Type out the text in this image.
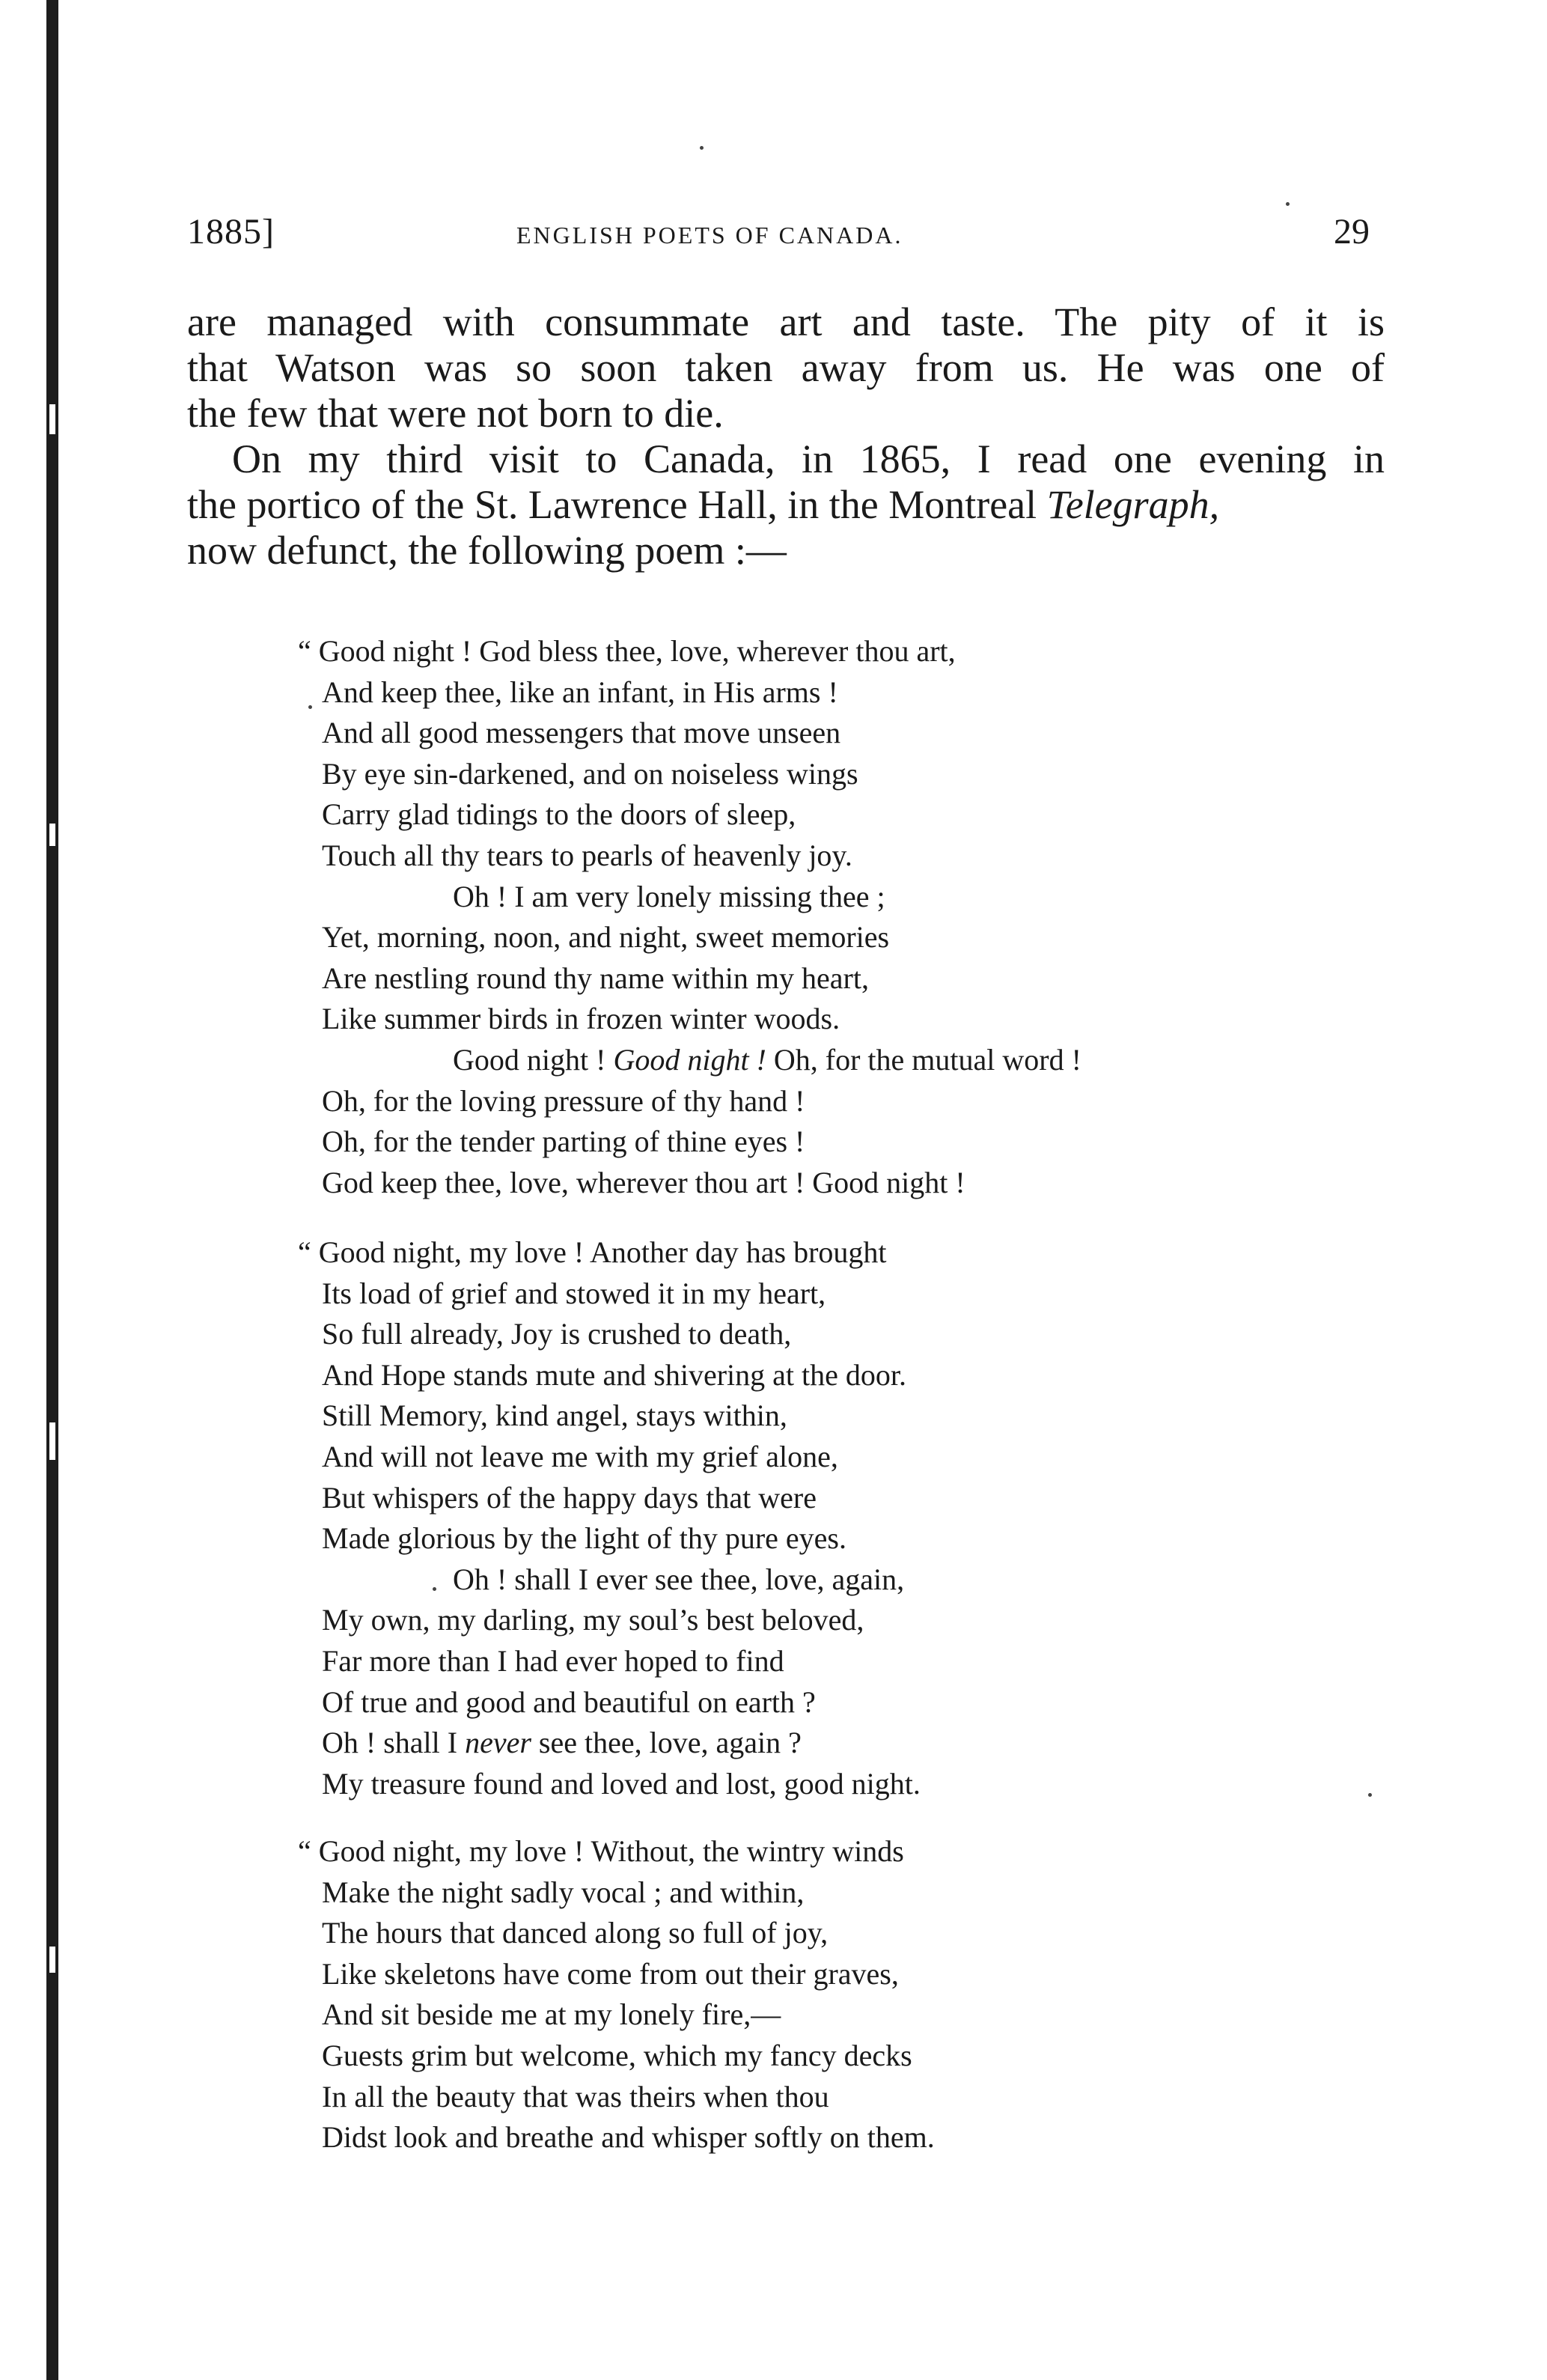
1885]	ENGLISH POETS OF CANADA.	29
are managed with consummate art and taste. The pity of it is
that Watson was so soon taken away from us. He was one of
the few that were not born to die.
On my third visit to Canada, in 1865, I read one evening in
the portico of the St. Lawrence Hall, in the Montreal Telegraph,
now defunct, the following poem :—
“ Good night ! God bless thee, love, wherever thou art,
And keep thee, like an infant, in His arms !
And all good messengers that move unseen
By eye sin-darkened, and on noiseless wings
Carry glad tidings to the doors of sleep,
Touch all thy tears to pearls of heavenly joy.
Oh ! I am very lonely missing thee ;
Yet, morning, noon, and night, sweet memories
Are nestling round thy name within my heart,
Like summer birds in frozen winter woods.
Good night ! Good night ! Oh, for the mutual word !
Oh, for the loving pressure of thy hand !
Oh, for the tender parting of thine eyes !
God keep thee, love, wherever thou art ! Good night !
“ Good night, my love ! Another day has brought
Its load of grief and stowed it in my heart,
So full already, Joy is crushed to death,
And Hope stands mute and shivering at the door.
Still Memory, kind angel, stays within,
And will not leave me with my grief alone,
But whispers of the happy days that were
Made glorious by the light of thy pure eyes.
Oh ! shall I ever see thee, love, again,
My own, my darling, my soul’s best beloved,
Far more than I had ever hoped to find
Of true and good and beautiful on earth ?
Oh ! shall I never see thee, love, again ?
My treasure found and loved and lost, good night.
“ Good night, my love ! Without, the wintry winds
Make the night sadly vocal ; and within,
The hours that danced along so full of joy,
Like skeletons have come from out their graves,
And sit beside me at my lonely fire,—
Guests grim but welcome, which my fancy decks
In all the beauty that was theirs when thou
Didst look and breathe and whisper softly on them.
